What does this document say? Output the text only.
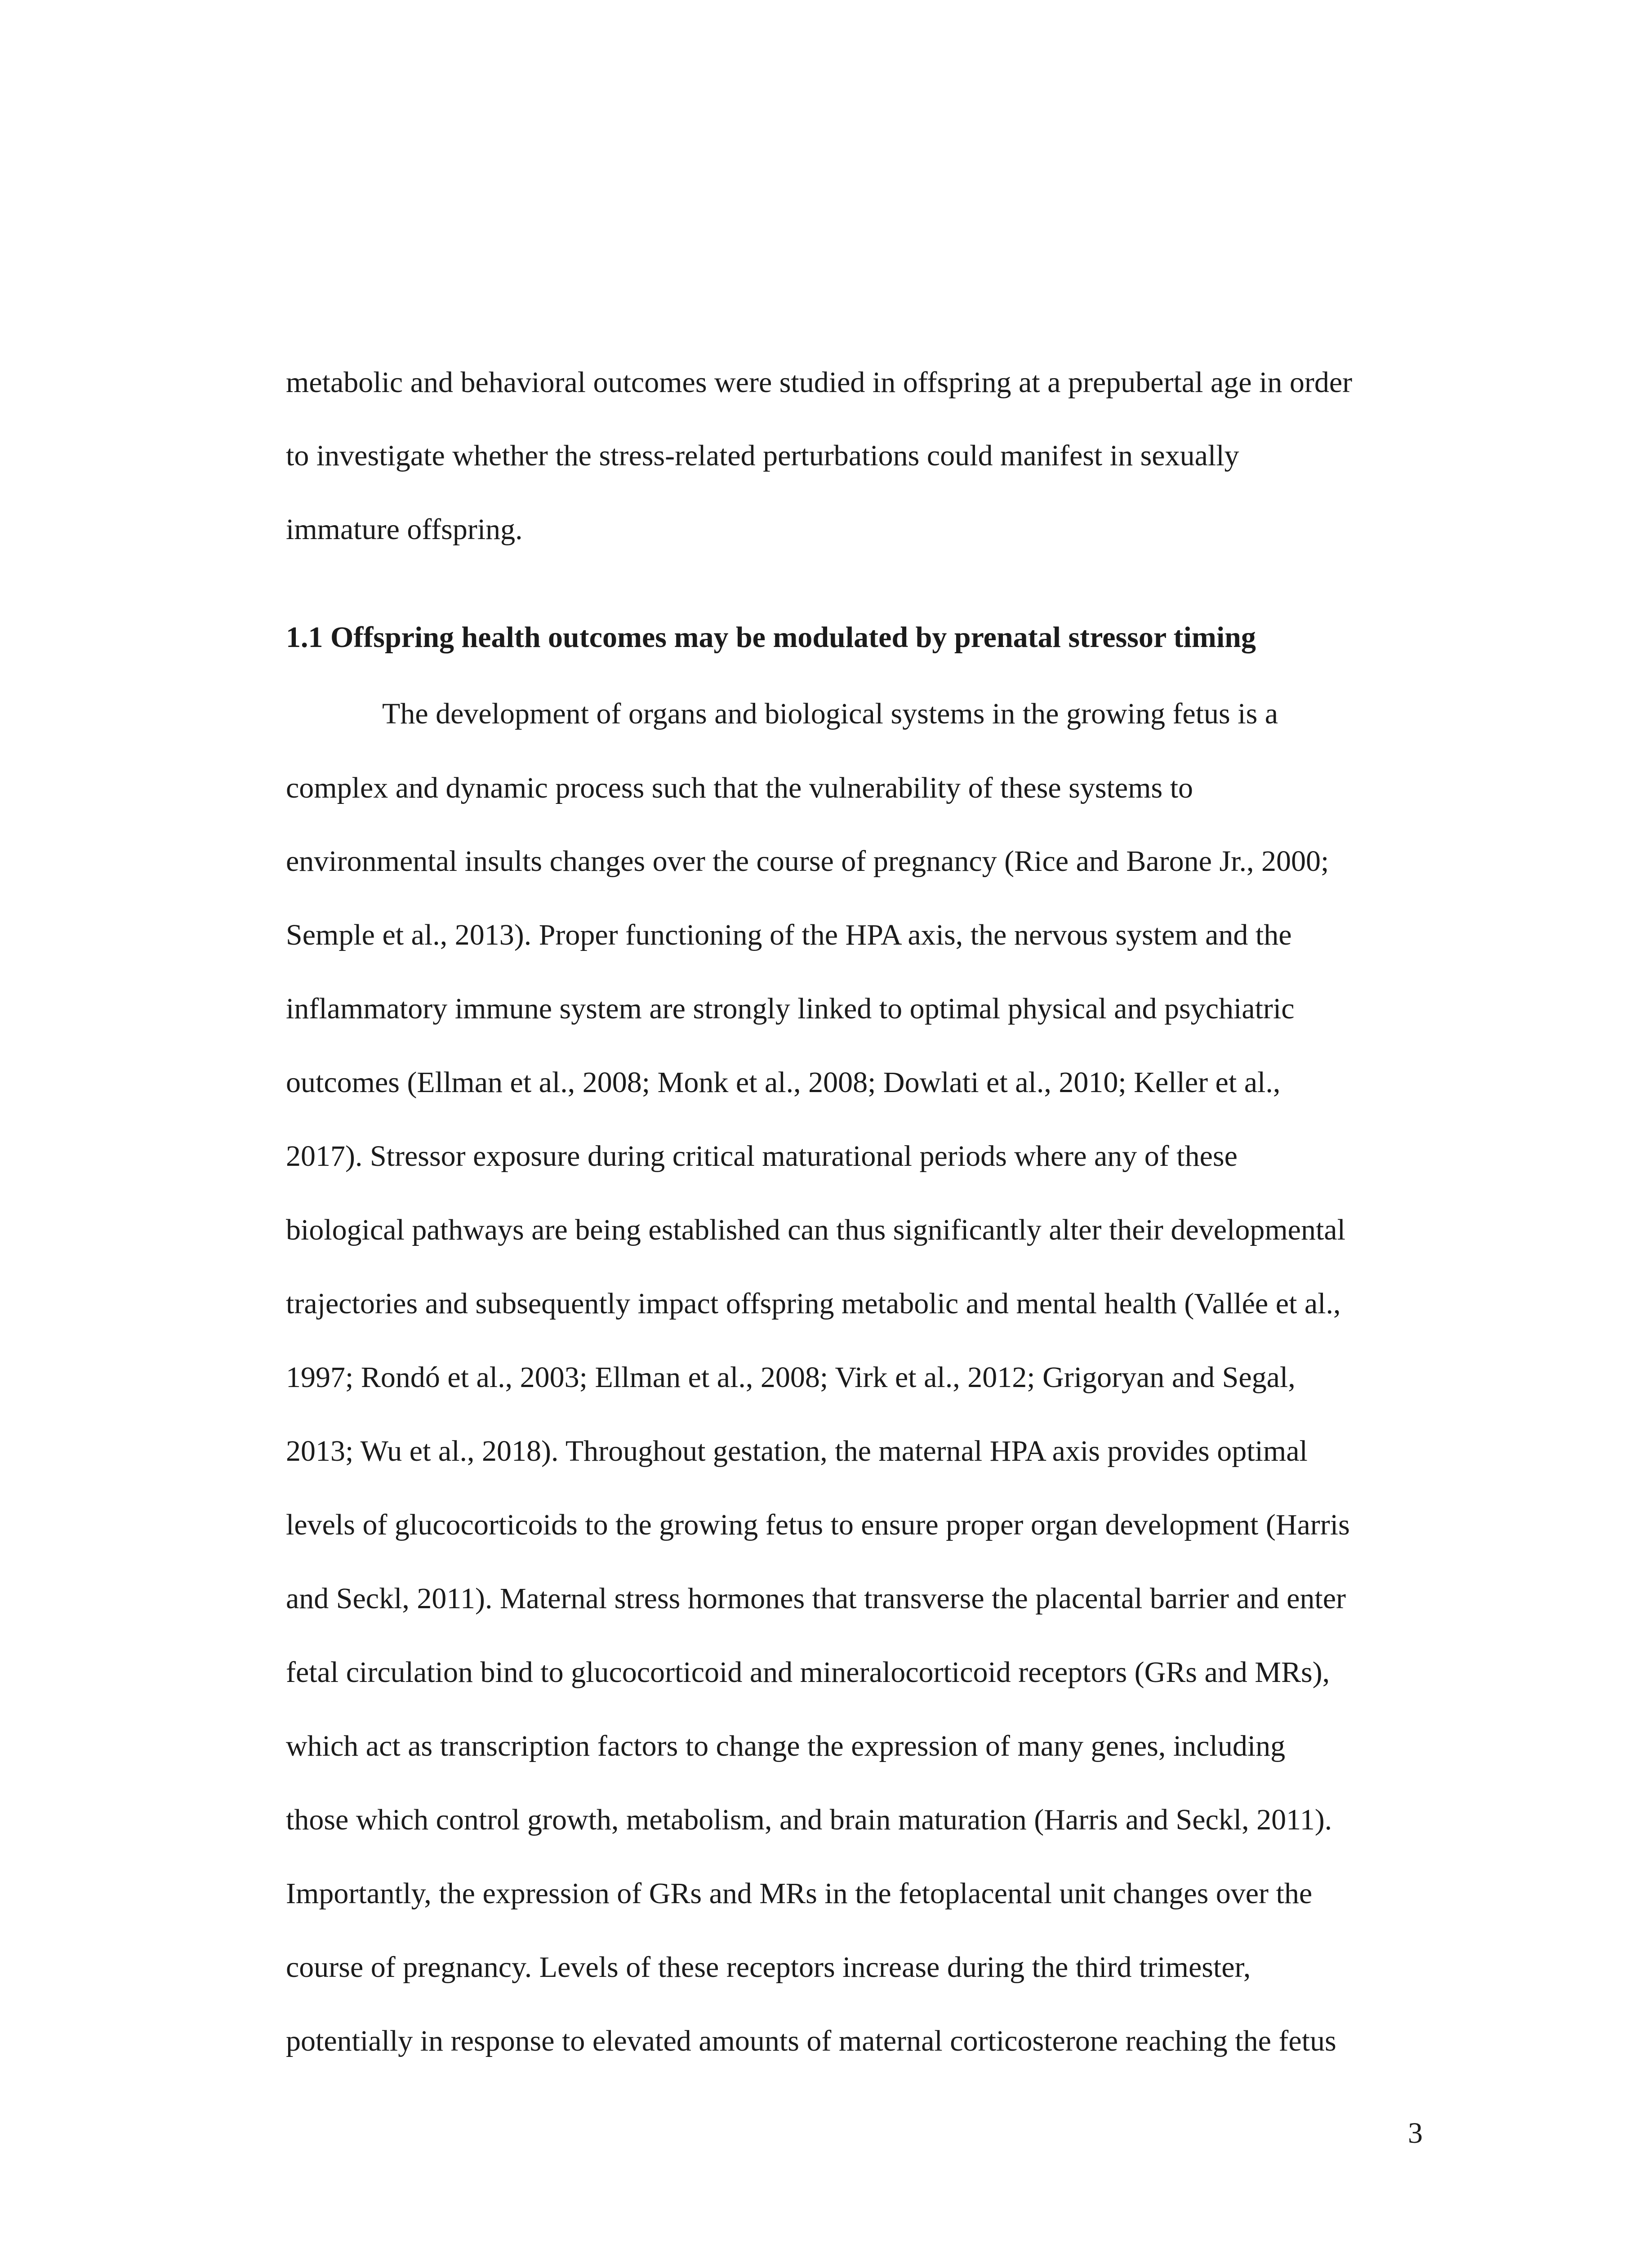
metabolic and behavioral outcomes were studied in offspring at a prepubertal age in order
to investigate whether the stress-related perturbations could manifest in sexually
immature offspring.
1.1 Offspring health outcomes may be modulated by prenatal stressor timing
The development of organs and biological systems in the growing fetus is a
complex and dynamic process such that the vulnerability of these systems to
environmental insults changes over the course of pregnancy (Rice and Barone Jr., 2000;
Semple et al., 2013). Proper functioning of the HPA axis, the nervous system and the
inflammatory immune system are strongly linked to optimal physical and psychiatric
outcomes (Ellman et al., 2008; Monk et al., 2008; Dowlati et al., 2010; Keller et al.,
2017). Stressor exposure during critical maturational periods where any of these
biological pathways are being established can thus significantly alter their developmental
trajectories and subsequently impact offspring metabolic and mental health (Vallée et al.,
1997; Rondó et al., 2003; Ellman et al., 2008; Virk et al., 2012; Grigoryan and Segal,
2013; Wu et al., 2018). Throughout gestation, the maternal HPA axis provides optimal
levels of glucocorticoids to the growing fetus to ensure proper organ development (Harris
and Seckl, 2011). Maternal stress hormones that transverse the placental barrier and enter
fetal circulation bind to glucocorticoid and mineralocorticoid receptors (GRs and MRs),
which act as transcription factors to change the expression of many genes, including
those which control growth, metabolism, and brain maturation (Harris and Seckl, 2011).
Importantly, the expression of GRs and MRs in the fetoplacental unit changes over the
course of pregnancy. Levels of these receptors increase during the third trimester,
potentially in response to elevated amounts of maternal corticosterone reaching the fetus
3
